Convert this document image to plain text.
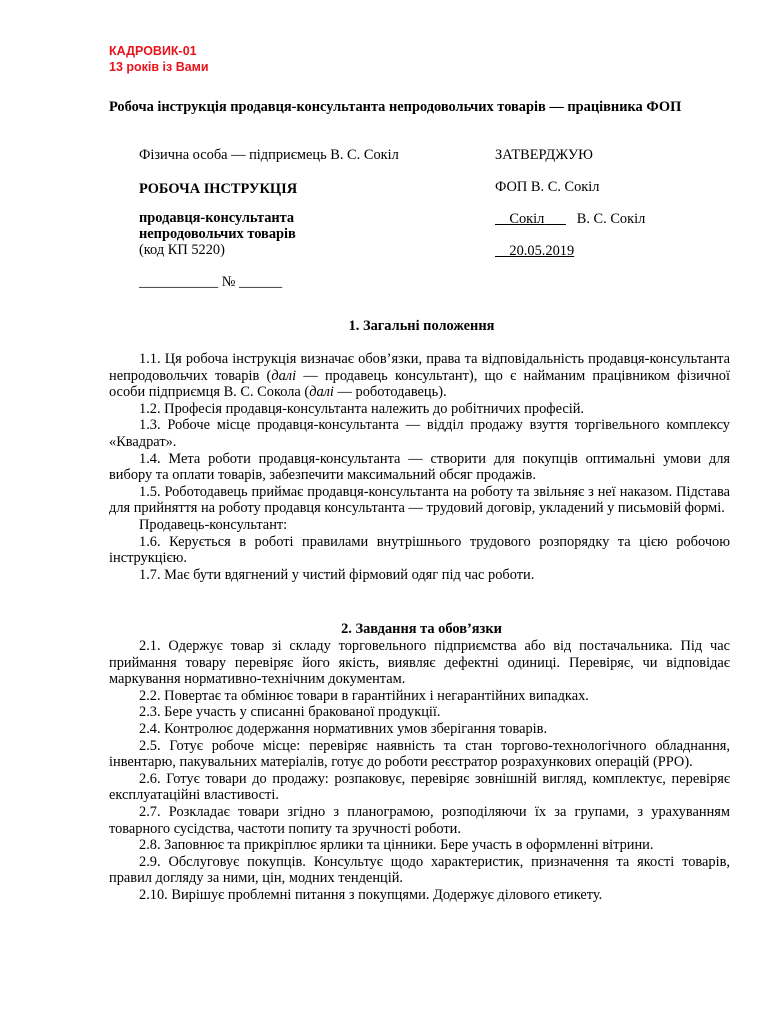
КАДРОВИК-01
13 років із Вами
Робоча інструкція продавця-консультанта непродовольчих товарів — працівника ФОП
Фізична особа — підприємець В. С. Сокіл
РОБОЧА ІНСТРУКЦІЯ
продавця-консультанта
непродовольчих товарів
(код КП 5220)
___________ № ______
ЗАТВЕРДЖУЮ
ФОП В. С. Сокіл
Сокіл В. С. Сокіл
20.05.2019
1. Загальні положення

1.1. Ця робоча інструкція визначає обов’язки, права та відповідальність продавця-консультанта непродовольчих товарів (далі — продавець консультант), що є найманим працівником фізичної особи підприємця В. С. Сокола (далі — роботодавець).

1.2. Професія продавця-консультанта належить до робітничих професій.

1.3. Робоче місце продавця-консультанта — відділ продажу взуття торгівельного комплексу «Квадрат».

1.4. Мета роботи продавця-консультанта — створити для покупців оптимальні умови для вибору та оплати товарів, забезпечити максимальний обсяг продажів.

1.5. Роботодавець приймає продавця-консультанта на роботу та звільняє з неї наказом. Підстава для прийняття на роботу продавця консультанта — трудовий договір, укладений у письмовій формі.

Продавець-консультант:

1.6. Керується в роботі правилами внутрішнього трудового розпорядку та цією робочою інструкцією.

1.7. Має бути вдягнений у чистий фірмовий одяг під час роботи.

2. Завдання та обов’язки

2.1. Одержує товар зі складу торговельного підприємства або від постачальника. Під час приймання товару перевіряє його якість, виявляє дефектні одиниці. Перевіряє, чи відповідає маркування нормативно-технічним документам.

2.2. Повертає та обмінює товари в гарантійних і негарантійних випадках.

2.3. Бере участь у списанні бракованої продукції.

2.4. Контролює додержання нормативних умов зберігання товарів.

2.5. Готує робоче місце: перевіряє наявність та стан торгово-технологічного обладнання, інвентарю, пакувальних матеріалів, готує до роботи реєстратор розрахункових операцій (РРО).

2.6. Готує товари до продажу: розпаковує, перевіряє зовнішній вигляд, комплектує, перевіряє експлуатаційні властивості.

2.7. Розкладає товари згідно з планограмою, розподіляючи їх за групами, з урахуванням товарного сусідства, частоти попиту та зручності роботи.

2.8. Заповнює та прикріплює ярлики та цінники. Бере участь в оформленні вітрини.

2.9. Обслуговує покупців. Консультує щодо характеристик, призначення та якості товарів, правил догляду за ними, цін, модних тенденцій.

2.10. Вирішує проблемні питання з покупцями. Додержує ділового етикету.
